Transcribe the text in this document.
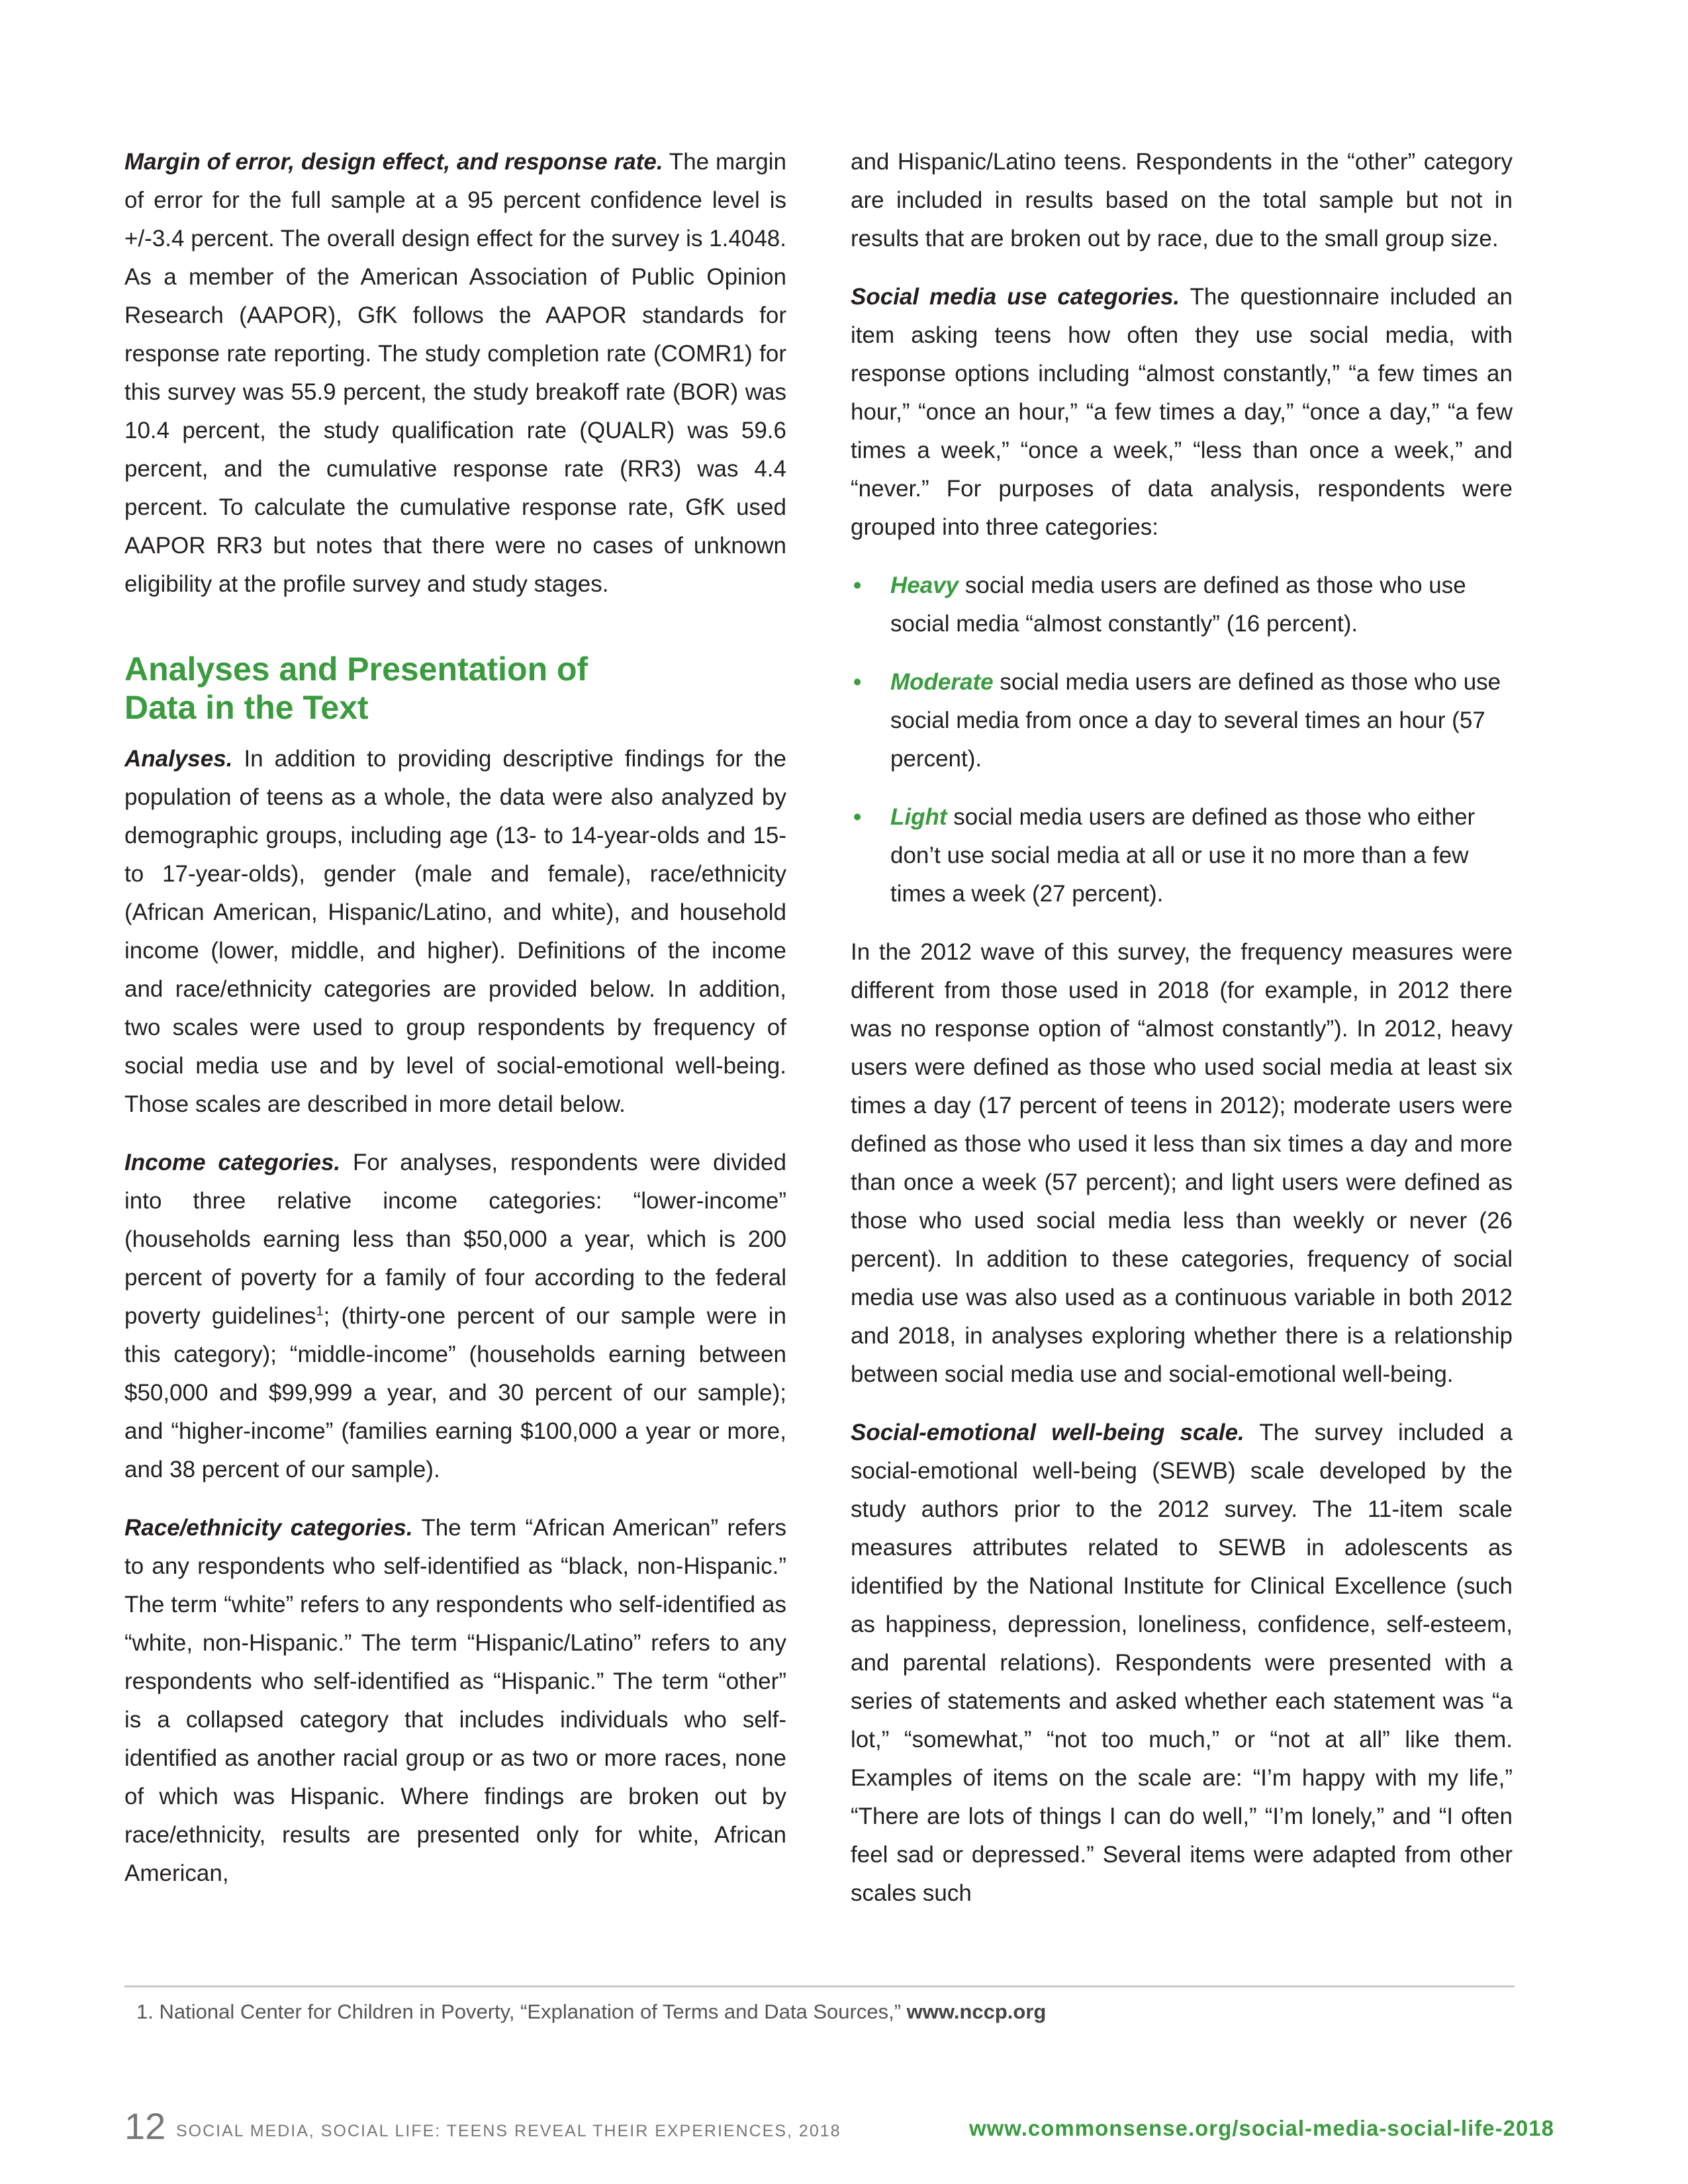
Margin of error, design effect, and response rate. The margin of error for the full sample at a 95 percent confidence level is +/-3.4 percent. The overall design effect for the survey is 1.4048. As a member of the American Association of Public Opinion Research (AAPOR), GfK follows the AAPOR standards for response rate reporting. The study completion rate (COMR1) for this survey was 55.9 percent, the study breakoff rate (BOR) was 10.4 percent, the study qualification rate (QUALR) was 59.6 percent, and the cumulative response rate (RR3) was 4.4 percent. To calculate the cumulative response rate, GfK used AAPOR RR3 but notes that there were no cases of unknown eligibility at the profile survey and study stages.

Analyses and Presentation of
Data in the Text

Analyses. In addition to providing descriptive findings for the population of teens as a whole, the data were also analyzed by demographic groups, including age (13- to 14-year-olds and 15- to 17-year-olds), gender (male and female), race/ethnicity (African American, Hispanic/Latino, and white), and household income (lower, middle, and higher). Definitions of the income and race/ethnicity categories are provided below. In addition, two scales were used to group respondents by frequency of social media use and by level of social-emotional well-being. Those scales are described in more detail below.

Income categories. For analyses, respondents were divided into three relative income categories: “lower-income” (households earning less than $50,000 a year, which is 200 percent of poverty for a family of four according to the federal poverty guidelines$^1$; (thirty-one percent of our sample were in this category); “middle-income” (households earning between $50,000 and $99,999 a year, and 30 percent of our sample); and “higher-income” (families earning $100,000 a year or more, and 38 percent of our sample).

Race/ethnicity categories. The term “African American” refers to any respondents who self-identified as “black, non-Hispanic.” The term “white” refers to any respondents who self-identified as “white, non-Hispanic.” The term “Hispanic/Latino” refers to any respondents who self-identified as “Hispanic.” The term “other” is a collapsed category that includes individuals who self-identified as another racial group or as two or more races, none of which was Hispanic. Where findings are broken out by race/ethnicity, results are presented only for white, African American,

and Hispanic/Latino teens. Respondents in the “other” category are included in results based on the total sample but not in results that are broken out by race, due to the small group size.

Social media use categories. The questionnaire included an item asking teens how often they use social media, with response options including “almost constantly,” “a few times an hour,” “once an hour,” “a few times a day,” “once a day,” “a few times a week,” “once a week,” “less than once a week,” and “never.” For purposes of data analysis, respondents were grouped into three categories:

• Heavy social media users are defined as those who use social media “almost constantly” (16 percent).
• Moderate social media users are defined as those who use social media from once a day to several times an hour (57 percent).
• Light social media users are defined as those who either don’t use social media at all or use it no more than a few times a week (27 percent).

In the 2012 wave of this survey, the frequency measures were different from those used in 2018 (for example, in 2012 there was no response option of “almost constantly”). In 2012, heavy users were defined as those who used social media at least six times a day (17 percent of teens in 2012); moderate users were defined as those who used it less than six times a day and more than once a week (57 percent); and light users were defined as those who used social media less than weekly or never (26 percent). In addition to these categories, frequency of social media use was also used as a continuous variable in both 2012 and 2018, in analyses exploring whether there is a relationship between social media use and social-emotional well-being.

Social-emotional well-being scale. The survey included a social-emotional well-being (SEWB) scale developed by the study authors prior to the 2012 survey. The 11-item scale measures attributes related to SEWB in adolescents as identified by the National Institute for Clinical Excellence (such as happiness, depression, loneliness, confidence, self-esteem, and parental relations). Respondents were presented with a series of statements and asked whether each statement was “a lot,” “somewhat,” “not too much,” or “not at all” like them. Examples of items on the scale are: “I’m happy with my life,” “There are lots of things I can do well,” “I’m lonely,” and “I often feel sad or depressed.” Several items were adapted from other scales such

1. National Center for Children in Poverty, “Explanation of Terms and Data Sources,” www.nccp.org
12 SOCIAL MEDIA, SOCIAL LIFE: TEENS REVEAL THEIR EXPERIENCES, 2018	www.commonsense.org/social-media-social-life-2018
